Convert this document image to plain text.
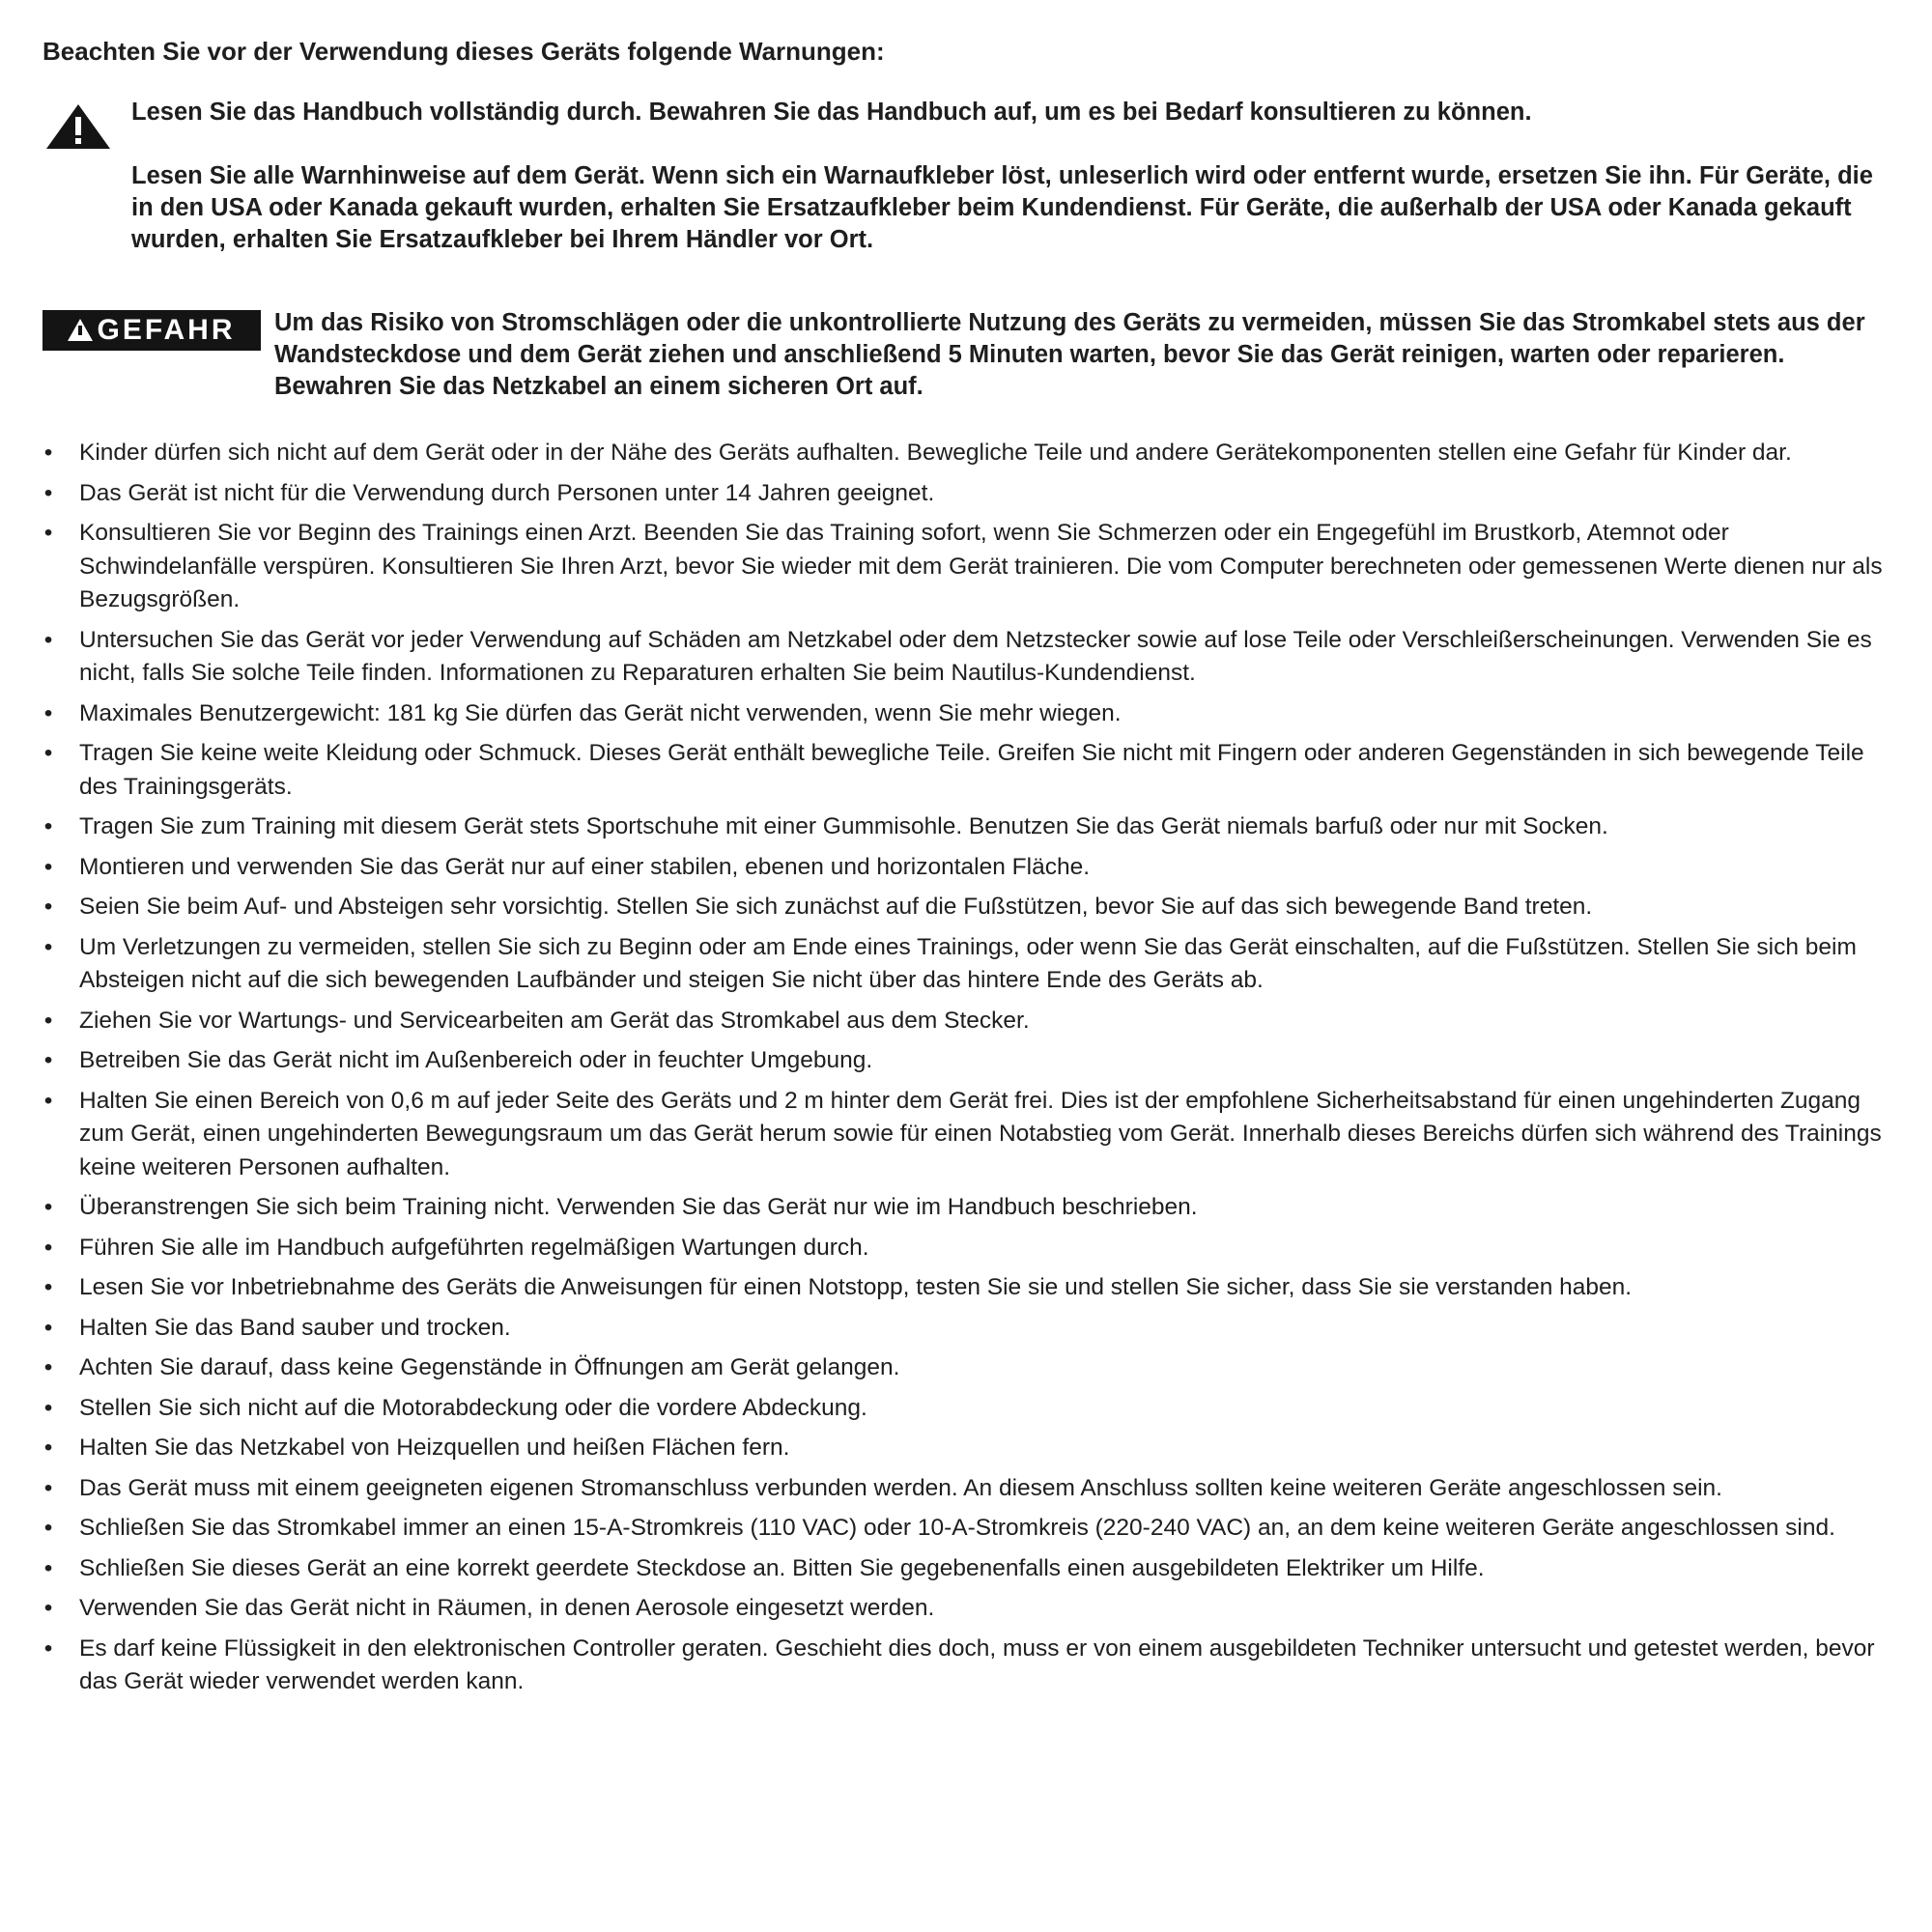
Beachten Sie vor der Verwendung dieses Geräts folgende Warnungen:

Lesen Sie das Handbuch vollständig durch. Bewahren Sie das Handbuch auf, um es bei Bedarf konsultieren zu können.

Lesen Sie alle Warnhinweise auf dem Gerät. Wenn sich ein Warnaufkleber löst, unleserlich wird oder entfernt wurde, ersetzen Sie ihn. Für Geräte, die in den USA oder Kanada gekauft wurden, erhalten Sie Ersatzaufkleber beim Kundendienst. Für Geräte, die außerhalb der USA oder Kanada gekauft wurden, erhalten Sie Ersatzaufkleber bei Ihrem Händler vor Ort.

GEFAHR Um das Risiko von Stromschlägen oder die unkontrollierte Nutzung des Geräts zu vermeiden, müssen Sie das Stromkabel stets aus der Wandsteckdose und dem Gerät ziehen und anschließend 5 Minuten warten, bevor Sie das Gerät reinigen, warten oder reparieren. Bewahren Sie das Netzkabel an einem sicheren Ort auf.

• Kinder dürfen sich nicht auf dem Gerät oder in der Nähe des Geräts aufhalten. Bewegliche Teile und andere Gerätekomponenten stellen eine Gefahr für Kinder dar.
• Das Gerät ist nicht für die Verwendung durch Personen unter 14 Jahren geeignet.
• Konsultieren Sie vor Beginn des Trainings einen Arzt. Beenden Sie das Training sofort, wenn Sie Schmerzen oder ein Engegefühl im Brustkorb, Atemnot oder Schwindelanfälle verspüren. Konsultieren Sie Ihren Arzt, bevor Sie wieder mit dem Gerät trainieren. Die vom Computer berechneten oder gemessenen Werte dienen nur als Bezugsgrößen.
• Untersuchen Sie das Gerät vor jeder Verwendung auf Schäden am Netzkabel oder dem Netzstecker sowie auf lose Teile oder Verschleißerscheinungen. Verwenden Sie es nicht, falls Sie solche Teile finden. Informationen zu Reparaturen erhalten Sie beim Nautilus-Kundendienst.
• Maximales Benutzergewicht: 181 kg Sie dürfen das Gerät nicht verwenden, wenn Sie mehr wiegen.
• Tragen Sie keine weite Kleidung oder Schmuck. Dieses Gerät enthält bewegliche Teile. Greifen Sie nicht mit Fingern oder anderen Gegenständen in sich bewegende Teile des Trainingsgeräts.
• Tragen Sie zum Training mit diesem Gerät stets Sportschuhe mit einer Gummisohle. Benutzen Sie das Gerät niemals barfuß oder nur mit Socken.
• Montieren und verwenden Sie das Gerät nur auf einer stabilen, ebenen und horizontalen Fläche.
• Seien Sie beim Auf- und Absteigen sehr vorsichtig. Stellen Sie sich zunächst auf die Fußstützen, bevor Sie auf das sich bewegende Band treten.
• Um Verletzungen zu vermeiden, stellen Sie sich zu Beginn oder am Ende eines Trainings, oder wenn Sie das Gerät einschalten, auf die Fußstützen. Stellen Sie sich beim Absteigen nicht auf die sich bewegenden Laufbänder und steigen Sie nicht über das hintere Ende des Geräts ab.
• Ziehen Sie vor Wartungs- und Servicearbeiten am Gerät das Stromkabel aus dem Stecker.
• Betreiben Sie das Gerät nicht im Außenbereich oder in feuchter Umgebung.
• Halten Sie einen Bereich von 0,6 m auf jeder Seite des Geräts und 2 m hinter dem Gerät frei. Dies ist der empfohlene Sicherheitsabstand für einen ungehinderten Zugang zum Gerät, einen ungehinderten Bewegungsraum um das Gerät herum sowie für einen Notabstieg vom Gerät. Innerhalb dieses Bereichs dürfen sich während des Trainings keine weiteren Personen aufhalten.
• Überanstrengen Sie sich beim Training nicht. Verwenden Sie das Gerät nur wie im Handbuch beschrieben.
• Führen Sie alle im Handbuch aufgeführten regelmäßigen Wartungen durch.
• Lesen Sie vor Inbetriebnahme des Geräts die Anweisungen für einen Notstopp, testen Sie sie und stellen Sie sicher, dass Sie sie verstanden haben.
• Halten Sie das Band sauber und trocken.
• Achten Sie darauf, dass keine Gegenstände in Öffnungen am Gerät gelangen.
• Stellen Sie sich nicht auf die Motorabdeckung oder die vordere Abdeckung.
• Halten Sie das Netzkabel von Heizquellen und heißen Flächen fern.
• Das Gerät muss mit einem geeigneten eigenen Stromanschluss verbunden werden. An diesem Anschluss sollten keine weiteren Geräte angeschlossen sein.
• Schließen Sie das Stromkabel immer an einen 15-A-Stromkreis (110 VAC) oder 10-A-Stromkreis (220-240 VAC) an, an dem keine weiteren Geräte angeschlossen sind.
• Schließen Sie dieses Gerät an eine korrekt geerdete Steckdose an. Bitten Sie gegebenenfalls einen ausgebildeten Elektriker um Hilfe.
• Verwenden Sie das Gerät nicht in Räumen, in denen Aerosole eingesetzt werden.
• Es darf keine Flüssigkeit in den elektronischen Controller geraten. Geschieht dies doch, muss er von einem ausgebildeten Techniker untersucht und getestet werden, bevor das Gerät wieder verwendet werden kann.
